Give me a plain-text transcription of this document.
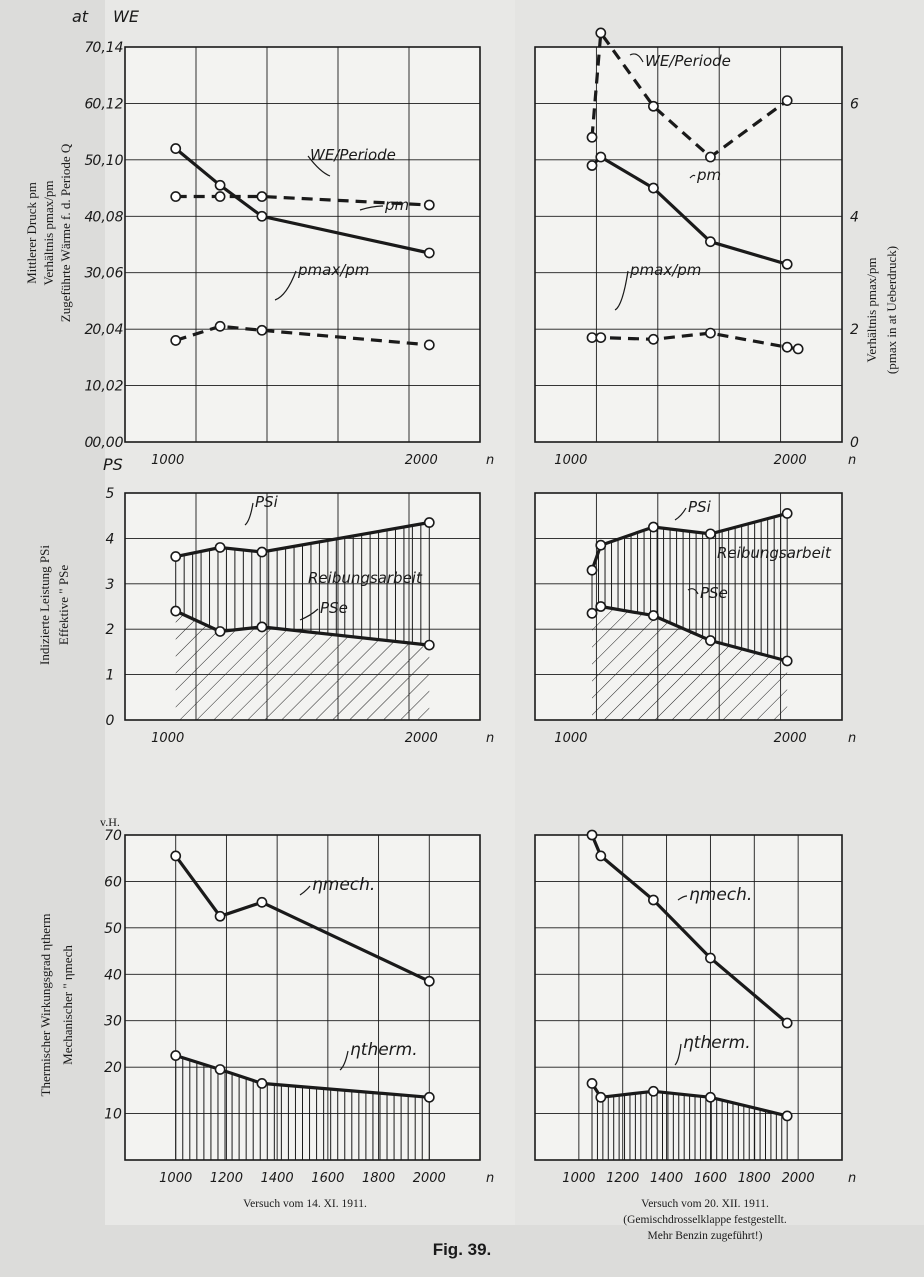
0
1
2
3
4
5
6
7
0,00
0,02
0,04
0,06
0,08
0,10
0,12
0,14
1000	2000	n
WE/Periode
pm
pmax/pm
0
2
4
6
1000	2000	n
WE/Periode
pm
pmax/pm
0
1
2
3
4
5
1000	2000	n
PSi
Reibungsarbeit
PSe
1000	2000	n
PSi
Reibungsarbeit
PSe
10
20
30
40
50
60
70
1000 1200 1400 1600 1800 2000	n
ηmech.
ηtherm.
1000 1200 1400 1600 1800 2000	n
ηmech.
ηtherm.
at WE
PS
v.H.
Mittlerer Druck pm Verhältnis pmax/pm Zugeführte Wärme f. d. Periode Q
Indizierte Leistung PSi Effektive " PSe
Thermischer Wirkungsgrad ηtherm Mechanischer " ηmech
Verhältnis pmax/pm (pmax in at Ueberdruck)
Versuch vom 14. XI. 1911.	Versuch vom 20. XII. 1911.
(Gemischdrosselklappe festgestellt.
Mehr Benzin zugeführt!)
Fig. 39.
